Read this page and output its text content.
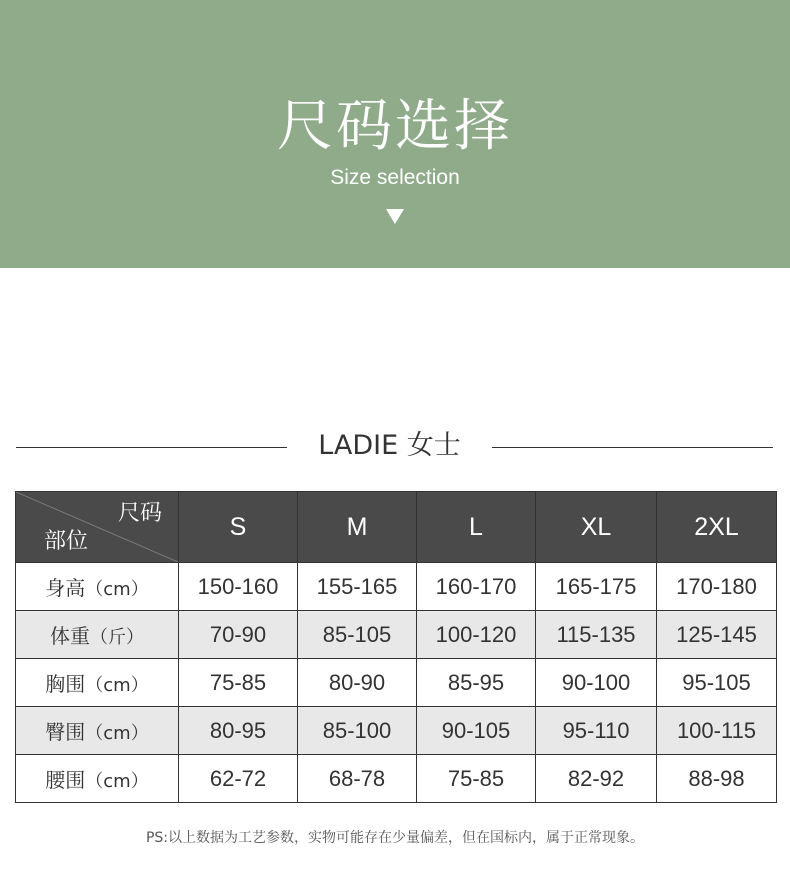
尺码选择
Size selection
LADIE 女士
尺码
部位	S	M	L	XL	2XL
身高（cm）	150-160	155-165	160-170	165-175	170-180
体重（斤）	70-90	85-105	100-120	115-135	125-145
胸围（cm）	75-85	80-90	85-95	90-100	95-105
臀围（cm）	80-95	85-100	90-105	95-110	100-115
腰围（cm）	62-72	68-78	75-85	82-92	88-98
PS:以上数据为工艺参数，实物可能存在少量偏差，但在国标内，属于正常现象。
